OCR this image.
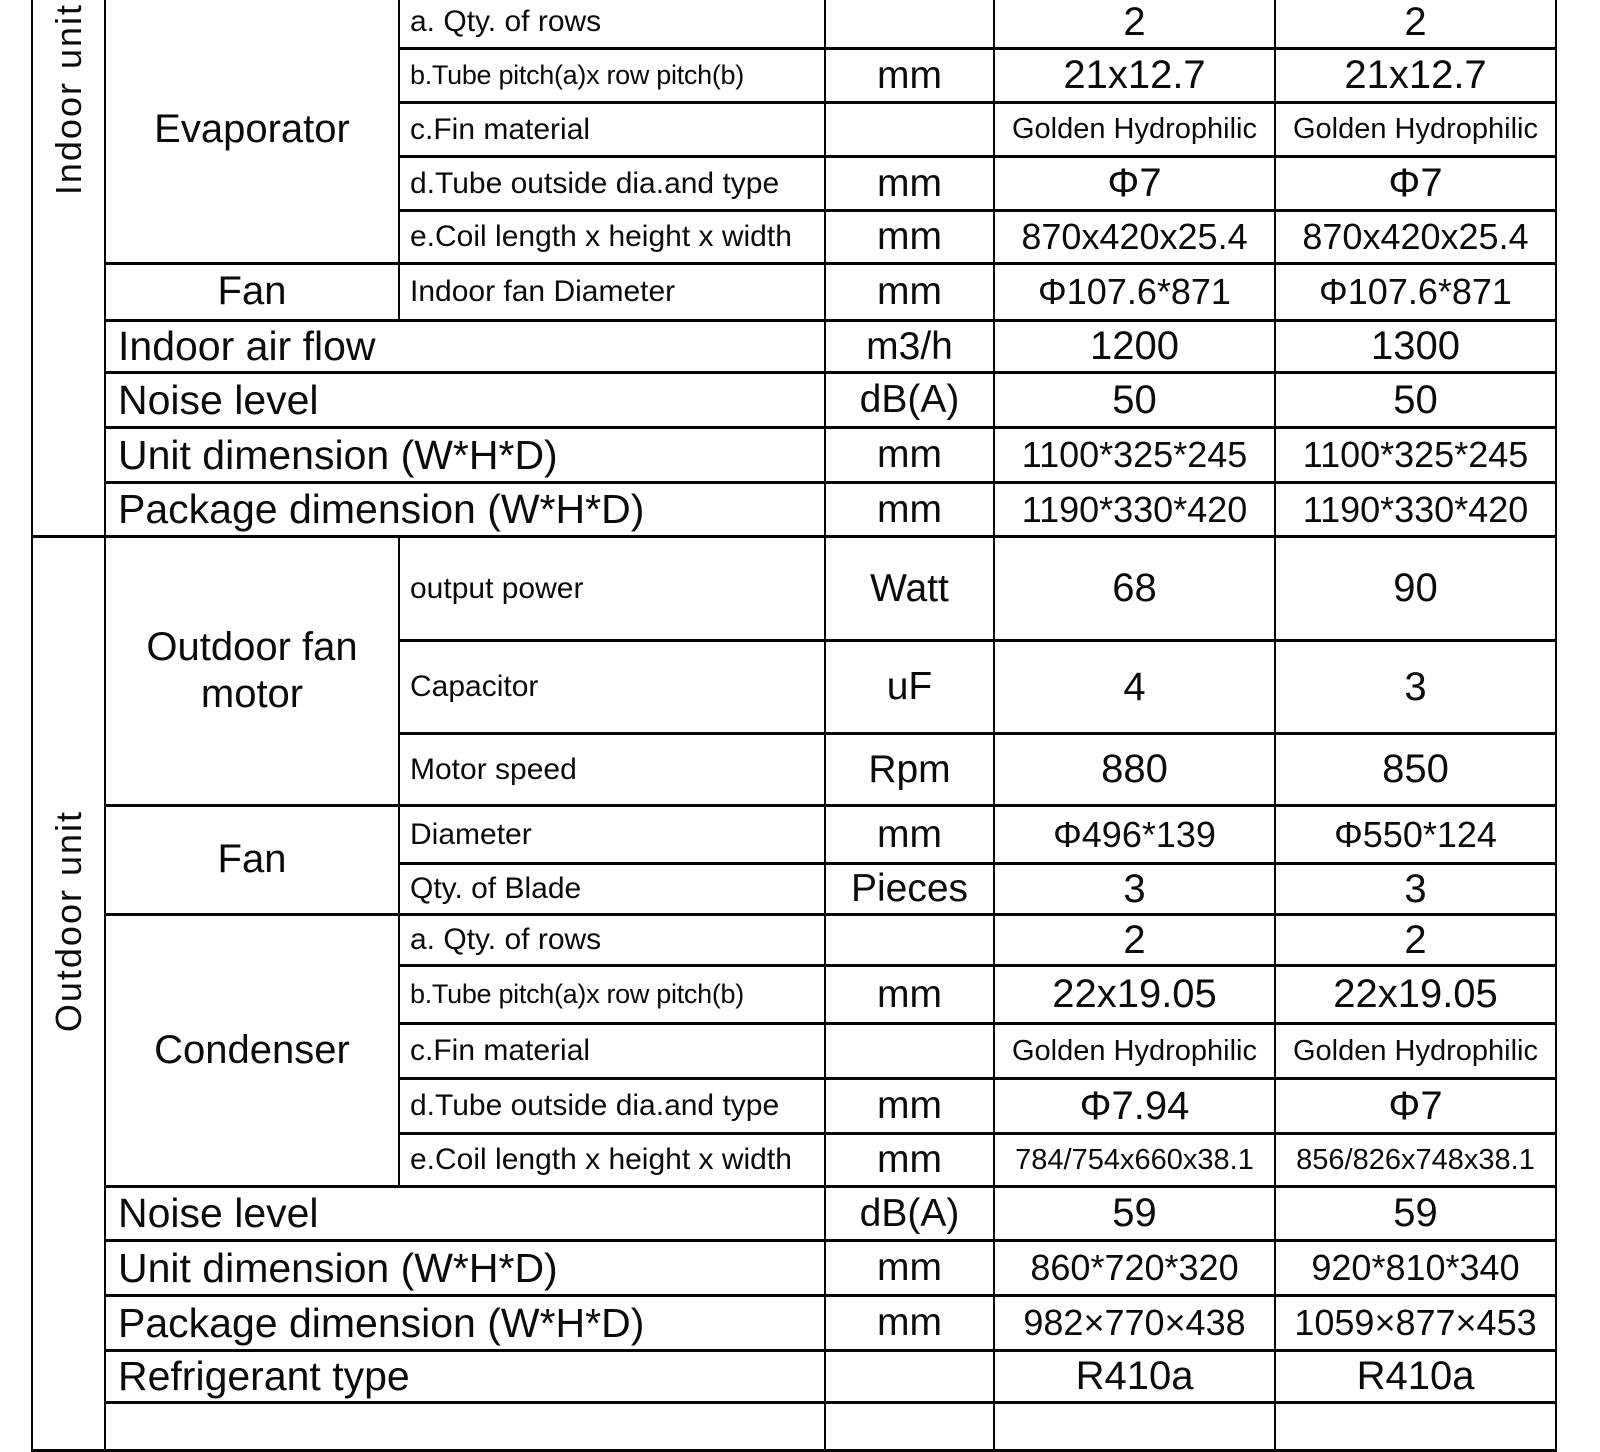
Indoor unit	Evaporator	a. Qty. of rows		2	2
		b.Tube pitch(a)x row pitch(b)	mm	21x12.7	21x12.7
		c.Fin material		Golden Hydrophilic	Golden Hydrophilic
		d.Tube outside dia.and type	mm	Φ7	Φ7
		e.Coil length x height x width	mm	870x420x25.4	870x420x25.4
	Fan	Indoor fan Diameter	mm	Φ107.6*871	Φ107.6*871
	Indoor air flow		m3/h	1200	1300
	Noise level		dB(A)	50	50
	Unit dimension (W*H*D)		mm	1100*325*245	1100*325*245
	Package dimension (W*H*D)		mm	1190*330*420	1190*330*420
Outdoor unit	Outdoor fan motor	output power	Watt	68	90
		Capacitor	uF	4	3
		Motor speed	Rpm	880	850
	Fan	Diameter	mm	Φ496*139	Φ550*124
		Qty. of Blade	Pieces	3	3
	Condenser	a. Qty. of rows		2	2
		b.Tube pitch(a)x row pitch(b)	mm	22x19.05	22x19.05
		c.Fin material		Golden Hydrophilic	Golden Hydrophilic
		d.Tube outside dia.and type	mm	Φ7.94	Φ7
		e.Coil length x height x width	mm	784/754x660x38.1	856/826x748x38.1
	Noise level		dB(A)	59	59
	Unit dimension (W*H*D)		mm	860*720*320	920*810*340
	Package dimension (W*H*D)		mm	982×770×438	1059×877×453
	Refrigerant type			R410a	R410a
